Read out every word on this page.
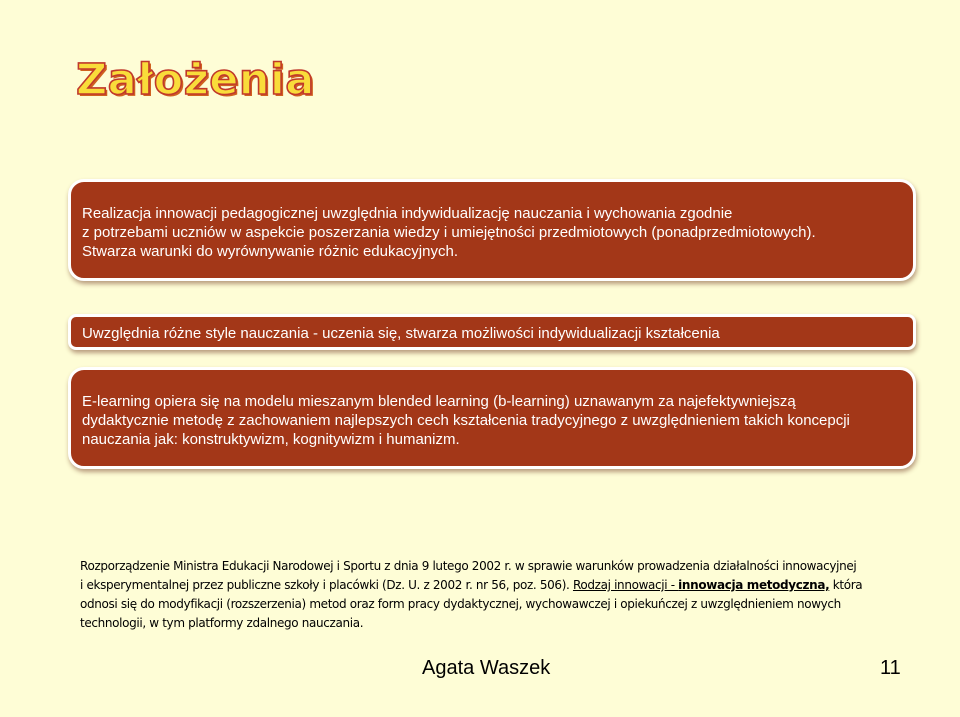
Założenia

Realizacja innowacji pedagogicznej uwzględnia indywidualizację nauczania i wychowania zgodnie

z potrzebami uczniów w aspekcie poszerzania wiedzy i umiejętności przedmiotowych (ponadprzedmiotowych).

Stwarza warunki do wyrównywanie różnic edukacyjnych.

Uwzględnia różne style nauczania - uczenia się, stwarza możliwości indywidualizacji kształcenia

E-learning opiera się na modelu mieszanym blended learning (b-learning) uznawanym za najefektywniejszą

dydaktycznie metodę z zachowaniem najlepszych cech kształcenia tradycyjnego z uwzględnieniem takich koncepcji

nauczania jak: konstruktywizm, kognitywizm i humanizm.

Rozporządzenie Ministra Edukacji Narodowej i Sportu z dnia 9 lutego 2002 r. w sprawie warunków prowadzenia działalności innowacyjnej

i eksperymentalnej przez publiczne szkoły i placówki (Dz. U. z 2002 r. nr 56, poz. 506). Rodzaj innowacji - innowacja metodyczna, która

odnosi się do modyfikacji (rozszerzenia) metod oraz form pracy dydaktycznej, wychowawczej i opiekuńczej z uwzględnieniem nowych

technologii, w tym platformy zdalnego nauczania.

Agata Waszek	11
